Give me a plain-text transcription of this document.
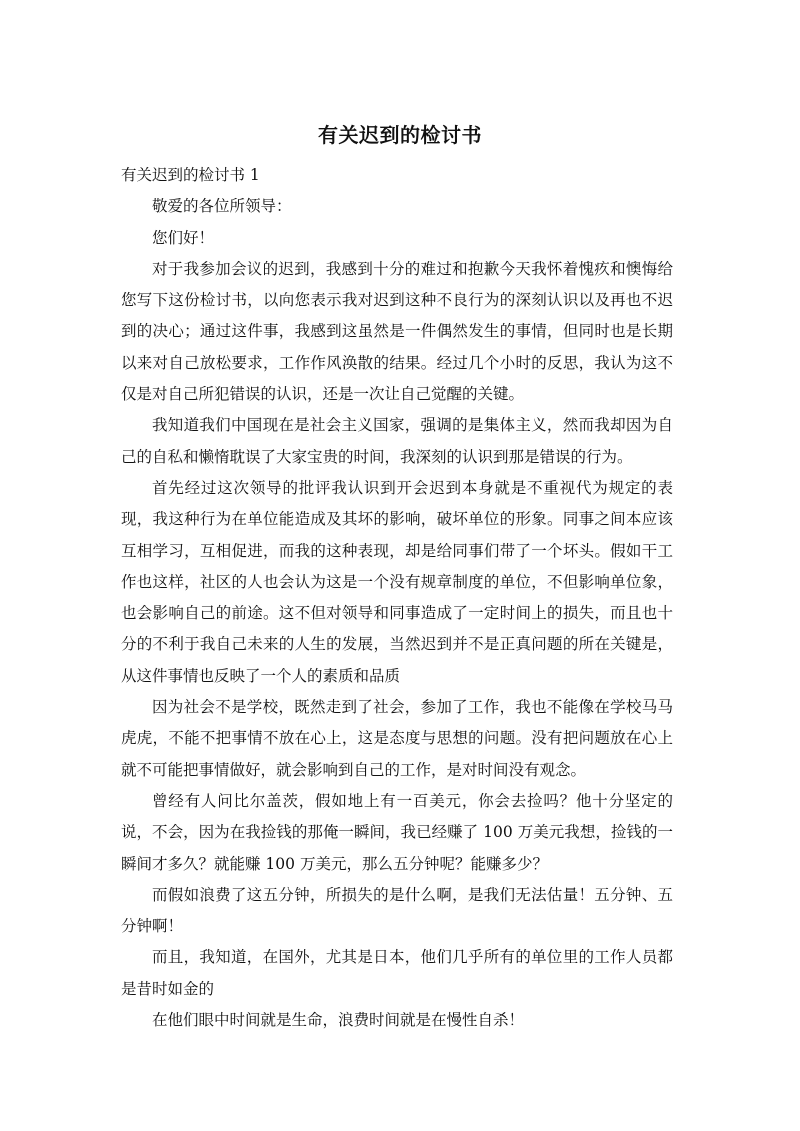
有关迟到的检讨书

有关迟到的检讨书 1

敬爱的各位所领导：

您们好！

对于我参加会议的迟到，我感到十分的难过和抱歉今天我怀着愧疚和懊悔给您写下这份检讨书，以向您表示我对迟到这种不良行为的深刻认识以及再也不迟到的决心；通过这件事，我感到这虽然是一件偶然发生的事情，但同时也是长期以来对自己放松要求，工作作风涣散的结果。经过几个小时的反思，我认为这不仅是对自己所犯错误的认识，还是一次让自己觉醒的关键。

我知道我们中国现在是社会主义国家，强调的是集体主义，然而我却因为自己的自私和懒惰耽误了大家宝贵的时间，我深刻的认识到那是错误的行为。

首先经过这次领导的批评我认识到开会迟到本身就是不重视代为规定的表现，我这种行为在单位能造成及其坏的影响，破坏单位的形象。同事之间本应该互相学习，互相促进，而我的这种表现，却是给同事们带了一个坏头。假如干工作也这样，社区的人也会认为这是一个没有规章制度的单位，不但影响单位象，也会影响自己的前途。这不但对领导和同事造成了一定时间上的损失，而且也十分的不利于我自己未来的人生的发展，当然迟到并不是正真问题的所在关键是，从这件事情也反映了一个人的素质和品质

因为社会不是学校，既然走到了社会，参加了工作，我也不能像在学校马马虎虎，不能不把事情不放在心上，这是态度与思想的问题。没有把问题放在心上就不可能把事情做好，就会影响到自己的工作，是对时间没有观念。

曾经有人问比尔盖茨，假如地上有一百美元，你会去捡吗？他十分坚定的说，不会，因为在我捡钱的那俺一瞬间，我已经赚了 100 万美元我想，捡钱的一瞬间才多久？就能赚 100 万美元，那么五分钟呢？能赚多少？

而假如浪费了这五分钟，所损失的是什么啊，是我们无法估量！五分钟、五分钟啊！

而且，我知道，在国外，尤其是日本，他们几乎所有的单位里的工作人员都是昔时如金的

在他们眼中时间就是生命，浪费时间就是在慢性自杀！
